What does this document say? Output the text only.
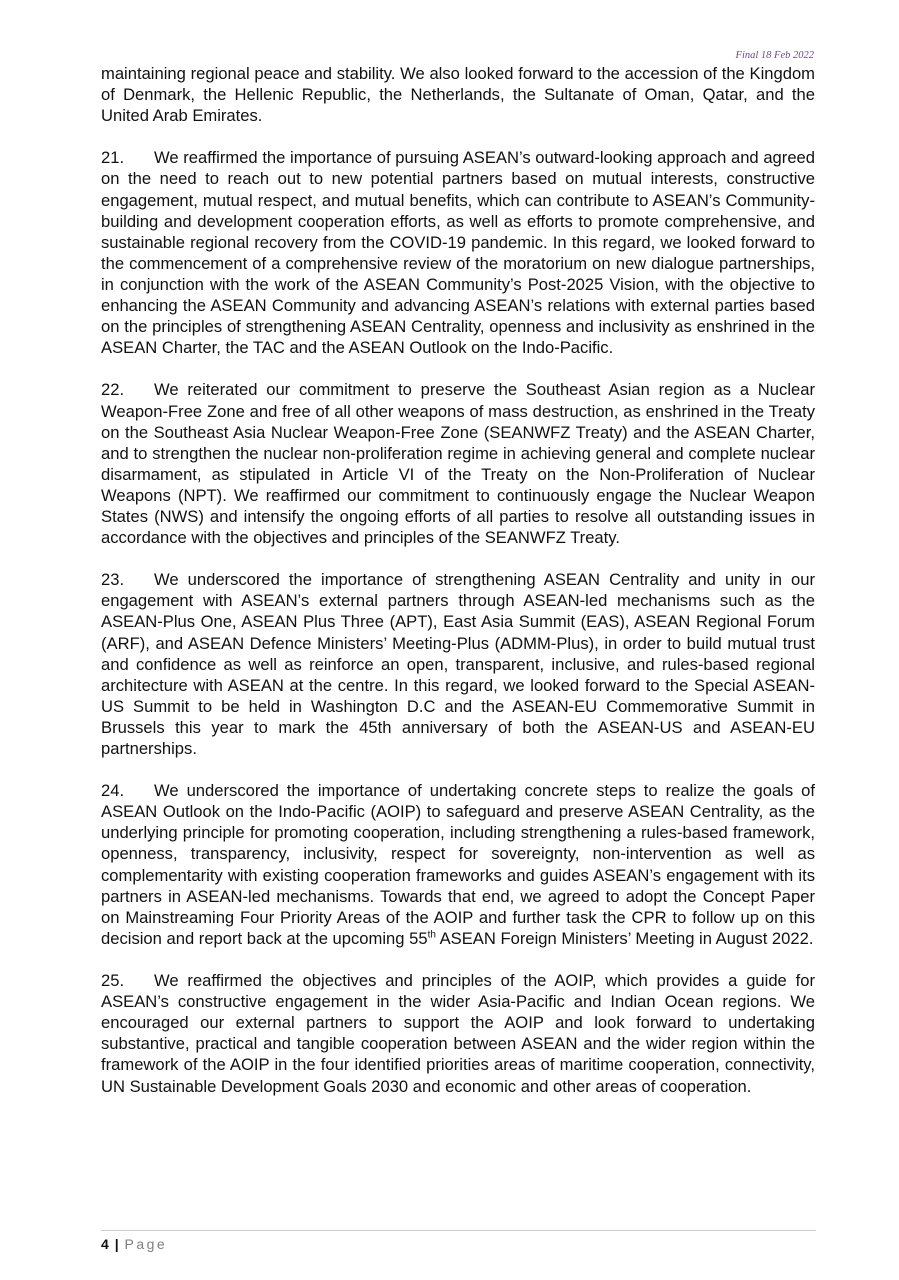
Final 18 Feb 2022

maintaining regional peace and stability. We also looked forward to the accession of the Kingdom of Denmark, the Hellenic Republic, the Netherlands, the Sultanate of Oman, Qatar, and the United Arab Emirates.

21. We reaffirmed the importance of pursuing ASEAN’s outward-looking approach and agreed on the need to reach out to new potential partners based on mutual interests, constructive engagement, mutual respect, and mutual benefits, which can contribute to ASEAN’s Community-building and development cooperation efforts, as well as efforts to promote comprehensive, and sustainable regional recovery from the COVID-19 pandemic. In this regard, we looked forward to the commencement of a comprehensive review of the moratorium on new dialogue partnerships, in conjunction with the work of the ASEAN Community’s Post-2025 Vision, with the objective to enhancing the ASEAN Community and advancing ASEAN’s relations with external parties based on the principles of strengthening ASEAN Centrality, openness and inclusivity as enshrined in the ASEAN Charter, the TAC and the ASEAN Outlook on the Indo-Pacific.

22. We reiterated our commitment to preserve the Southeast Asian region as a Nuclear Weapon-Free Zone and free of all other weapons of mass destruction, as enshrined in the Treaty on the Southeast Asia Nuclear Weapon-Free Zone (SEANWFZ Treaty) and the ASEAN Charter, and to strengthen the nuclear non-proliferation regime in achieving general and complete nuclear disarmament, as stipulated in Article VI of the Treaty on the Non-Proliferation of Nuclear Weapons (NPT). We reaffirmed our commitment to continuously engage the Nuclear Weapon States (NWS) and intensify the ongoing efforts of all parties to resolve all outstanding issues in accordance with the objectives and principles of the SEANWFZ Treaty.

23. We underscored the importance of strengthening ASEAN Centrality and unity in our engagement with ASEAN’s external partners through ASEAN-led mechanisms such as the ASEAN-Plus One, ASEAN Plus Three (APT), East Asia Summit (EAS), ASEAN Regional Forum (ARF), and ASEAN Defence Ministers’ Meeting-Plus (ADMM-Plus), in order to build mutual trust and confidence as well as reinforce an open, transparent, inclusive, and rules-based regional architecture with ASEAN at the centre. In this regard, we looked forward to the Special ASEAN-US Summit to be held in Washington D.C and the ASEAN-EU Commemorative Summit in Brussels this year to mark the 45th anniversary of both the ASEAN-US and ASEAN-EU partnerships.

24. We underscored the importance of undertaking concrete steps to realize the goals of ASEAN Outlook on the Indo-Pacific (AOIP) to safeguard and preserve ASEAN Centrality, as the underlying principle for promoting cooperation, including strengthening a rules-based framework, openness, transparency, inclusivity, respect for sovereignty, non-intervention as well as complementarity with existing cooperation frameworks and guides ASEAN’s engagement with its partners in ASEAN-led mechanisms. Towards that end, we agreed to adopt the Concept Paper on Mainstreaming Four Priority Areas of the AOIP and further task the CPR to follow up on this decision and report back at the upcoming 55th ASEAN Foreign Ministers’ Meeting in August 2022.

25. We reaffirmed the objectives and principles of the AOIP, which provides a guide for ASEAN’s constructive engagement in the wider Asia-Pacific and Indian Ocean regions. We encouraged our external partners to support the AOIP and look forward to undertaking substantive, practical and tangible cooperation between ASEAN and the wider region within the framework of the AOIP in the four identified priorities areas of maritime cooperation, connectivity, UN Sustainable Development Goals 2030 and economic and other areas of cooperation.

4 | Page
